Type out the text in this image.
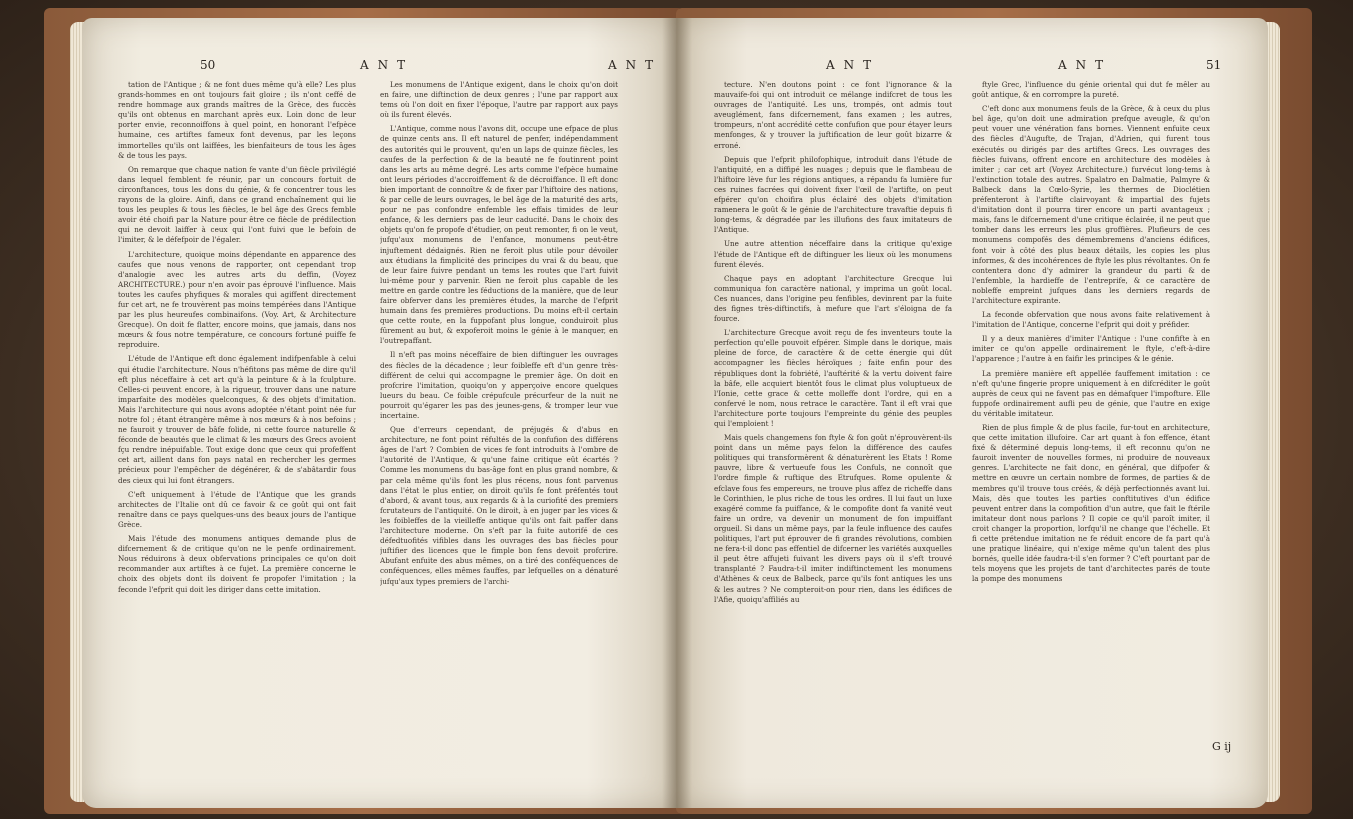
50	ANT	ANT

tation de l'Antique ; & ne font dues même qu'à elle? Les plus grands-hommes en ont toujours fait gloire ; ils n'ont ceffé de rendre hommage aux grands maîtres de la Grèce, des fuccès qu'ils ont obtenus en marchant après eux. Loin donc de leur porter envie, reconnoiffons à quel point, en honorant l'efpèce humaine, ces artiftes fameux font devenus, par les leçons immortelles qu'ils ont laiffées, les bienfaiteurs de tous les âges & de tous les pays.

On remarque que chaque nation fe vante d'un fiècle privilégié dans lequel femblent fe réunir, par un concours fortuit de circonftances, tous les dons du génie, & fe concentrer tous les rayons de la gloire. Ainfi, dans ce grand enchaînement qui lie tous les peuples & tous les fiècles, le bel âge des Grecs femble avoir été choifi par la Nature pour être ce fiècle de prédilection qui ne devoit laiffer à ceux qui l'ont fuivi que le befoin de l'imiter, & le défefpoir de l'égaler.

L'architecture, quoique moins dépendante en apparence des caufes que nous venons de rapporter, ont cependant trop d'analogie avec les autres arts du deffin, (Voyez ARCHITECTURE.) pour n'en avoir pas éprouvé l'influence. Mais toutes les caufes phyfiques & morales qui agiffent directement fur cet art, ne fe trouvèrent pas moins tempérées dans l'Antique par les plus heureufes combinaifons. (Voy. Art, & Architecture Grecque). On doit fe flatter, encore moins, que jamais, dans nos mœurs & fous notre température, ce concours fortuné puiffe fe reproduire.

L'étude de l'Antique eft donc également indifpenfable à celui qui étudie l'architecture. Nous n'héfitons pas même de dire qu'il eft plus néceffaire à cet art qu'à la peinture & à la fculpture. Celles-ci peuvent encore, à la rigueur, trouver dans une nature imparfaite des modèles quelconques, & des objets d'imitation. Mais l'architecture qui nous avons adoptée n'étant point née fur notre fol ; étant étrangère même à nos mœurs & à nos befoins ; ne fauroit y trouver de bâfe folide, ni cette fource naturelle & féconde de beautés que le climat & les mœurs des Grecs avoient fçu rendre inépuifable. Tout exige donc que ceux qui profeffent cet art, aillent dans fon pays natal en rechercher les germes précieux pour l'empêcher de dégénérer, & de s'abâtardir fous des cieux qui lui font étrangers.

C'eft uniquement à l'étude de l'Antique que les grands architectes de l'Italie ont dû ce favoir & ce goût qui ont fait renaître dans ce pays quelques-uns des beaux jours de l'antique Grèce.

Mais l'étude des monumens antiques demande plus de difcernement & de critique qu'on ne le penfe ordinairement. Nous réduirons à deux obfervations principales ce qu'on doit recommander aux artiftes à ce fujet. La première concerne le choix des objets dont ils doivent fe propofer l'imitation ; la feconde l'efprit qui doit les diriger dans cette imitation.

Les monumens de l'Antique exigent, dans le choix qu'on doit en faire, une diftinction de deux genres ; l'une par rapport aux tems où l'on doit en fixer l'époque, l'autre par rapport aux pays où ils furent élevés.

L'Antique, comme nous l'avons dit, occupe une efpace de plus de quinze cents ans. Il eft naturel de penfer, indépendamment des autorités qui le prouvent, qu'en un laps de quinze fiècles, les caufes de la perfection & de la beauté ne fe foutinrent point dans les arts au même degré. Les arts comme l'efpèce humaine ont leurs périodes d'accroiffement & de décroiffance. Il eft donc bien important de connoître & de fixer par l'hiftoire des nations, & par celle de leurs ouvrages, le bel âge de la maturité des arts, pour ne pas confondre enfemble les effais timides de leur enfance, & les derniers pas de leur caducité. Dans le choix des objets qu'on fe propofe d'étudier, on peut remonter, fi on le veut, jufqu'aux monumens de l'enfance, monumens peut-être injuftement dédaignés. Rien ne feroit plus utile pour dévoiler aux étudians la fimplicité des principes du vrai & du beau, que de leur faire fuivre pendant un tems les routes que l'art fuivit lui-même pour y parvenir. Rien ne feroit plus capable de les mettre en garde contre les féductions de la manière, que de leur faire obferver dans les premières études, la marche de l'efprit humain dans fes premières productions. Du moins eft-il certain que cette route, en la fuppofant plus longue, conduiroit plus fûrement au but, & expoferoit moins le génie à le manquer, en l'outrepaffant.

Il n'eft pas moins néceffaire de bien diftinguer les ouvrages des fiècles de la décadence ; leur foibleffe eft d'un genre très-différent de celui qui accompagne le premier âge. On doit en profcrire l'imitation, quoiqu'on y apperçoive encore quelques lueurs du beau. Ce foible crépufcule précurfeur de la nuit ne pourroit qu'égarer les pas des jeunes-gens, & tromper leur vue incertaine.

Que d'erreurs cependant, de préjugés & d'abus en architecture, ne font point réfultés de la confufion des différens âges de l'art ? Combien de vices fe font introduits à l'ombre de l'autorité de l'Antique, & qu'une faine critique eût écartés ? Comme les monumens du bas-âge font en plus grand nombre, & par cela même qu'ils font les plus récens, nous font parvenus dans l'état le plus entier, on diroit qu'ils fe font préfentés tout d'abord, & avant tous, aux regards & à la curiofité des premiers fcrutateurs de l'antiquité. On le diroit, à en juger par les vices & les foibleffes de la vieilleffe antique qu'ils ont fait paffer dans l'architecture moderne. On s'eft par la fuite autorifé de ces défedtuofités vifibles dans les ouvrages des bas fiècles pour juftifier des licences que le fimple bon fens devoit profcrire. Abufant enfuite des abus mêmes, on a tiré des conféquences de conféquences, elles mêmes fauffes, par lefquelles on a dénaturé jufqu'aux types premiers de l'archi-

ANT	ANT	51

tecture. N'en doutons point : ce font l'ignorance & la mauvaife-foi qui ont introduit ce mélange indifcret de tous les ouvrages de l'antiquité. Les uns, trompés, ont admis tout aveuglément, fans difcernement, fans examen ; les autres, trompeurs, n'ont accrédité cette confufion que pour étayer leurs menfonges, & y trouver la juftification de leur goût bizarre & erroné.

Depuis que l'efprit philofophique, introduit dans l'étude de l'antiquité, en a diffipé les nuages ; depuis que le flambeau de l'hiftoire lève fur les régions antiques, a répandu fa lumière fur ces ruines facrées qui doivent fixer l'œil de l'artifte, on peut efpérer qu'on choifira plus éclairé des objets d'imitation ramenera le goût & le génie de l'architecture travaftie depuis fi long-tems, & dégradée par les illufions des faux imitateurs de l'Antique.

Une autre attention néceffaire dans la critique qu'exige l'étude de l'Antique eft de diftinguer les lieux où les monumens furent élevés.

Chaque pays en adoptant l'architecture Grecque lui communiqua fon caractère national, y imprima un goût local. Ces nuances, dans l'origine peu fenfibles, devinrent par la fuite des fignes très-diftinctifs, à mefure que l'art s'éloigna de fa fource.

L'architecture Grecque avoit reçu de fes inventeurs toute la perfection qu'elle pouvoit efpérer. Simple dans le dorique, mais pleine de force, de caractère & de cette énergie qui dût accompagner les fiècles héroïques ; faite enfin pour des républiques dont la fobriété, l'auftérité & la vertu doivent faire la bâfe, elle acquiert bientôt fous le climat plus voluptueux de l'Ionie, cette grace & cette molleffe dont l'ordre, qui en a confervé le nom, nous retrace le caractère. Tant il eft vrai que l'architecture porte toujours l'empreinte du génie des peuples qui l'emploient !

Mais quels changemens fon ftyle & fon goût n'éprouvèrent-ils point dans un même pays felon la différence des caufes politiques qui transformèrent & dénaturèrent les Etats ! Rome pauvre, libre & vertueufe fous les Confuls, ne connoît que l'ordre fimple & ruftique des Etrufques. Rome opulente & efclave fous fes empereurs, ne trouve plus affez de richeffe dans le Corinthien, le plus riche de tous les ordres. Il lui faut un luxe exagéré comme fa puiffance, & le compofite dont fa vanité veut faire un ordre, va devenir un monument de fon impuiffant orgueil. Si dans un même pays, par la feule influence des caufes politiques, l'art put éprouver de fi grandes révolutions, combien ne fera-t-il donc pas effentiel de difcerner les variétés auxquelles il peut être affujeti fuivant les divers pays où il s'eft trouvé transplanté ? Faudra-t-il imiter indiftinctement les monumens d'Athènes & ceux de Balbeck, parce qu'ils font antiques les uns & les autres ? Ne compteroit-on pour rien, dans les édifices de l'Afie, quoiqu'affiliés au

ftyle Grec, l'influence du génie oriental qui dut fe mêler au goût antique, & en corrompre la pureté.

C'eft donc aux monumens feuls de la Grèce, & à ceux du plus bel âge, qu'on doit une admiration prefque aveugle, & qu'on peut vouer une vénération fans bornes. Viennent enfuite ceux des fiècles d'Augufte, de Trajan, d'Adrien, qui furent tous exécutés ou dirigés par des artiftes Grecs. Les ouvrages des fiècles fuivans, offrent encore en architecture des modèles à imiter ; car cet art (Voyez Architecture.) furvécut long-tems à l'extinction totale des autres. Spalatro en Dalmatie, Palmyre & Balbeck dans la Cœlo-Syrie, les thermes de Dioclétien préfenteront à l'artifte clairvoyant & impartial des fujets d'imitation dont il pourra tirer encore un parti avantageux ; mais, fans le difcernement d'une critique éclairée, il ne peut que tomber dans les erreurs les plus groffières. Plufieurs de ces monumens compofés des démembremens d'anciens édifices, font voir à côté des plus beaux détails, les copies les plus informes, & des incohérences de ftyle les plus révoltantes. On fe contentera donc d'y admirer la grandeur du parti & de l'enfemble, la hardieffe de l'entreprife, & ce caractère de nobleffe empreint jufques dans les derniers regards de l'architecture expirante.

La feconde obfervation que nous avons faite relativement à l'imitation de l'Antique, concerne l'efprit qui doit y préfider.

Il y a deux manières d'imiter l'Antique : l'une confifte à en imiter ce qu'on appelle ordinairement le ftyle, c'eft-à-dire l'apparence ; l'autre à en faifir les principes & le génie.

La première manière eft appellée fauffement imitation : ce n'eft qu'une fingerie propre uniquement à en difcréditer le goût auprès de ceux qui ne favent pas en démafquer l'impofture. Elle fuppofe ordinairement aufli peu de génie, que l'autre en exige du véritable imitateur.

Rien de plus fimple & de plus facile, fur-tout en architecture, que cette imitation illufoire. Car art quant à fon effence, étant fixé & déterminé depuis long-tems, il eft reconnu qu'on ne fauroit inventer de nouvelles formes, ni produire de nouveaux genres. L'architecte ne fait donc, en général, que difpofer & mettre en œuvre un certain nombre de formes, de parties & de membres qu'il trouve tous créés, & déjà perfectionnés avant lui. Mais, dès que toutes les parties conftitutives d'un édifice peuvent entrer dans la compofition d'un autre, que fait le ftérile imitateur dont nous parlons ? Il copie ce qu'il paroît imiter, il croit changer la proportion, lorfqu'il ne change que l'échelle. Et fi cette prétendue imitation ne fe réduit encore de fa part qu'à une pratique linéaire, qui n'exige même qu'un talent des plus bornés, quelle idée faudra-t-il s'en former ? C'eft pourtant par de tels moyens que les projets de tant d'architectes parés de toute la pompe des monumens

G ij
